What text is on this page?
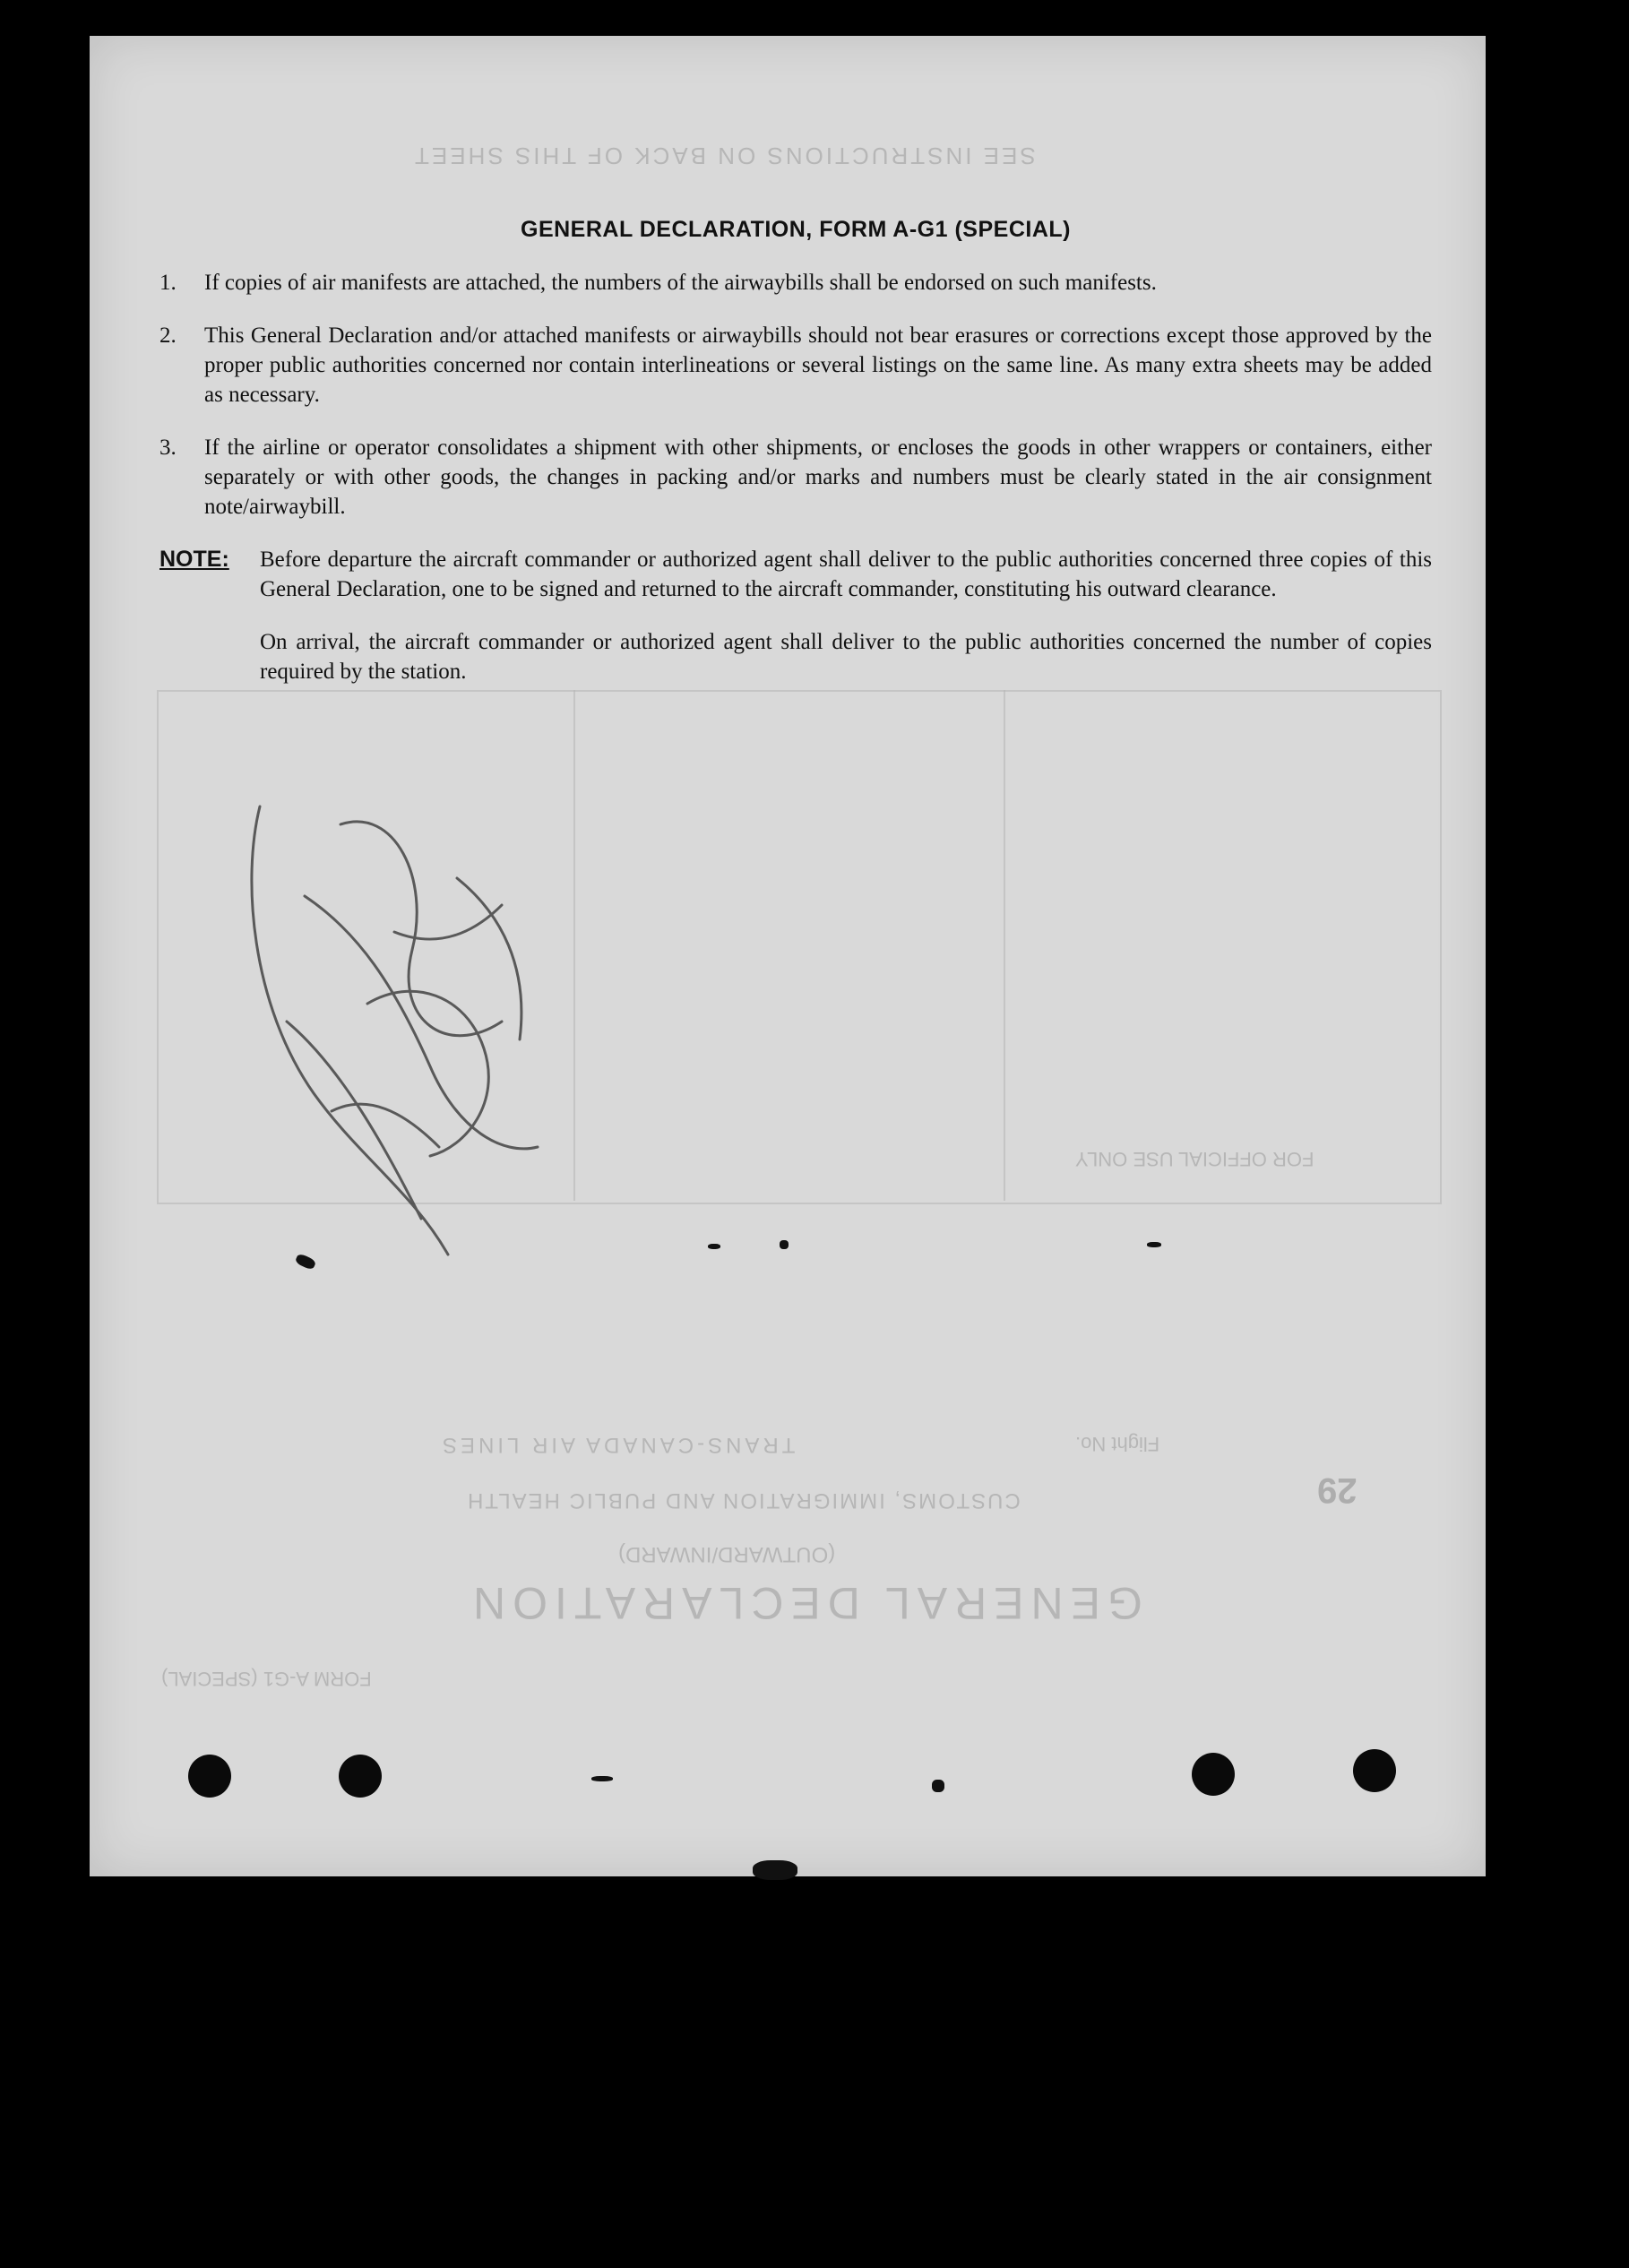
SEE INSTRUCTIONS ON BACK OF THIS SHEET
GENERAL DECLARATION
(OUTWARD/INWARD)
CUSTOMS, IMMIGRATION AND PUBLIC HEALTH
TRANS-CANADA AIR LINES	Flight No.
FORM A-G1 (SPECIAL)
29
FOR OFFICIAL USE ONLY
GENERAL DECLARATION, FORM A-G1 (SPECIAL)
1.	If copies of air manifests are attached, the numbers of the airwaybills shall be endorsed on such manifests.
2.	This General Declaration and/or attached manifests or airwaybills should not bear erasures or corrections except those approved by the proper public authorities concerned nor contain interlineations or several listings on the same line. As many extra sheets may be added as necessary.
3.	If the airline or operator consolidates a shipment with other shipments, or encloses the goods in other wrappers or containers, either separately or with other goods, the changes in packing and/or marks and numbers must be clearly stated in the air consignment note/airwaybill.
NOTE:	Before departure the aircraft commander or authorized agent shall deliver to the public authorities concerned three copies of this General Declaration, one to be signed and returned to the aircraft commander, constituting his outward clearance.
On arrival, the aircraft commander or authorized agent shall deliver to the public authorities concerned the number of copies required by the station.
